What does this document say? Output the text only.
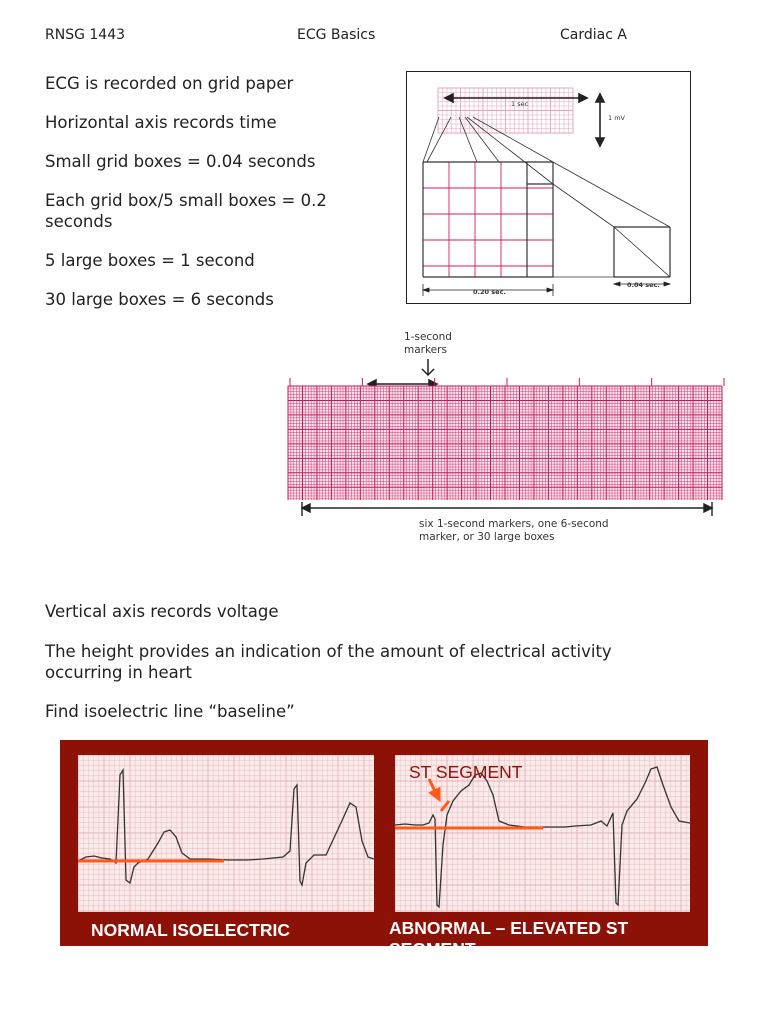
RNSG 1443	ECG Basics	Cardiac A
ECG is recorded on grid paper
Horizontal axis records time
Small grid boxes = 0.04 seconds
Each grid box/5 small boxes = 0.2 seconds
5 large boxes = 1 second
30 large boxes = 6 seconds
1 sec
1 mV
0.20 sec.
0.04 sec.
1-second
markers
six 1-second markers, one 6-second
marker, or 30 large boxes
Vertical axis records voltage
The height provides an indication of the amount of electrical activity occurring in heart
Find isoelectric line “baseline”
NORMAL ISOELECTRIC
ST SEGMENT
ABNORMAL – ELEVATED ST SEGMENT
